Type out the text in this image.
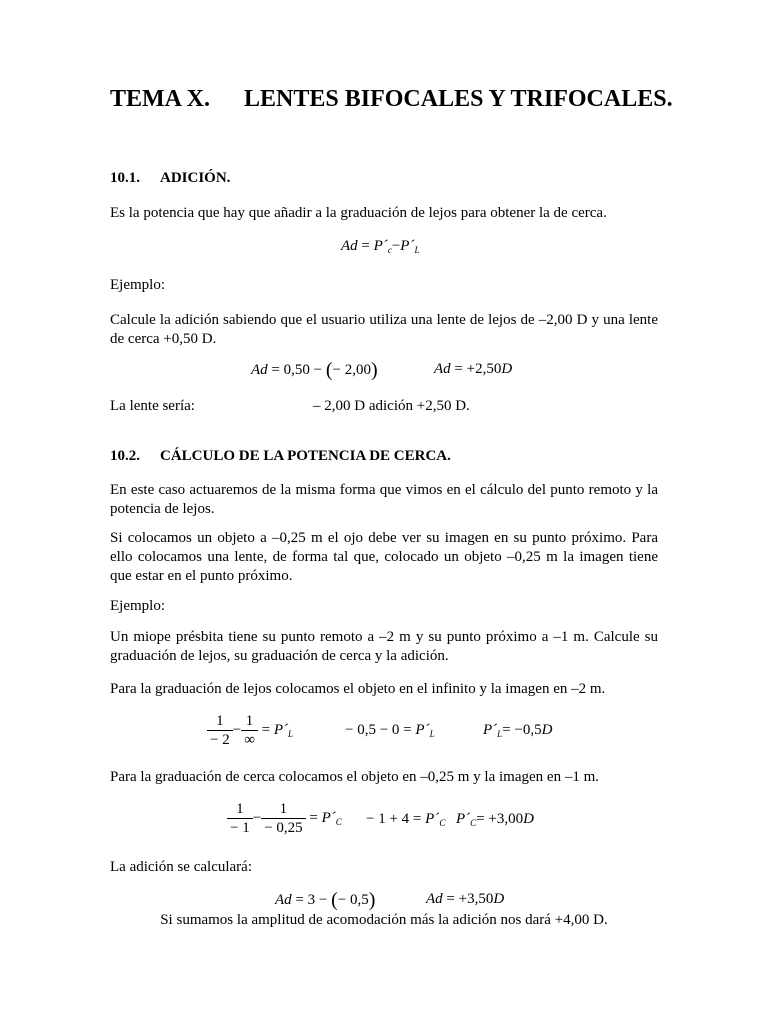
TEMA X. LENTES BIFOCALES Y TRIFOCALES.
10.1. ADICIÓN.

Es la potencia que hay que añadir a la graduación de lejos para obtener la de cerca.

$Ad = P´_c-P´_L$

Ejemplo:

Calcule la adición sabiendo que el usuario utiliza una lente de lejos de –2,00 D y una lente de cerca +0,50 D.

Ad = 0,50 − (− 2,00)	Ad = +2,50D
La lente sería:	– 2,00 D adición +2,50 D.
10.2. CÁLCULO DE LA POTENCIA DE CERCA.

En este caso actuaremos de la misma forma que vimos en el cálculo del punto remoto y la potencia de lejos.

Si colocamos un objeto a –0,25 m el ojo debe ver su imagen en su punto próximo. Para ello colocamos una lente, de forma tal que, colocado un objeto –0,25 m la imagen tiene que estar en el punto próximo.

Ejemplo:

Un miope présbita tiene su punto remoto a –2 m y su punto próximo a –1 m. Calcule su graduación de lejos, su graduación de cerca y la adición.

Para la graduación de lejos colocamos el objeto en el infinito y la imagen en –2 m.

$\frac{1}{- 2} - \frac{1}{\infty}$ = $P´_L$	− $0,5 - 0 = P´_L$	$P´_L= -0,5D$

Para la graduación de cerca colocamos el objeto en –0,25 m y la imagen en –1 m.

$\frac{1}{- 1} - \frac{1}{- 0,25}$ = $P´_C - 1 + 4$ = $P´_C$ $P´_C= +3,00D$

La adición se calculará:

Ad = 3 − (− 0,5)	Ad = +3,50D
Si sumamos la amplitud de acomodación más la adición nos dará +4,00 D.
